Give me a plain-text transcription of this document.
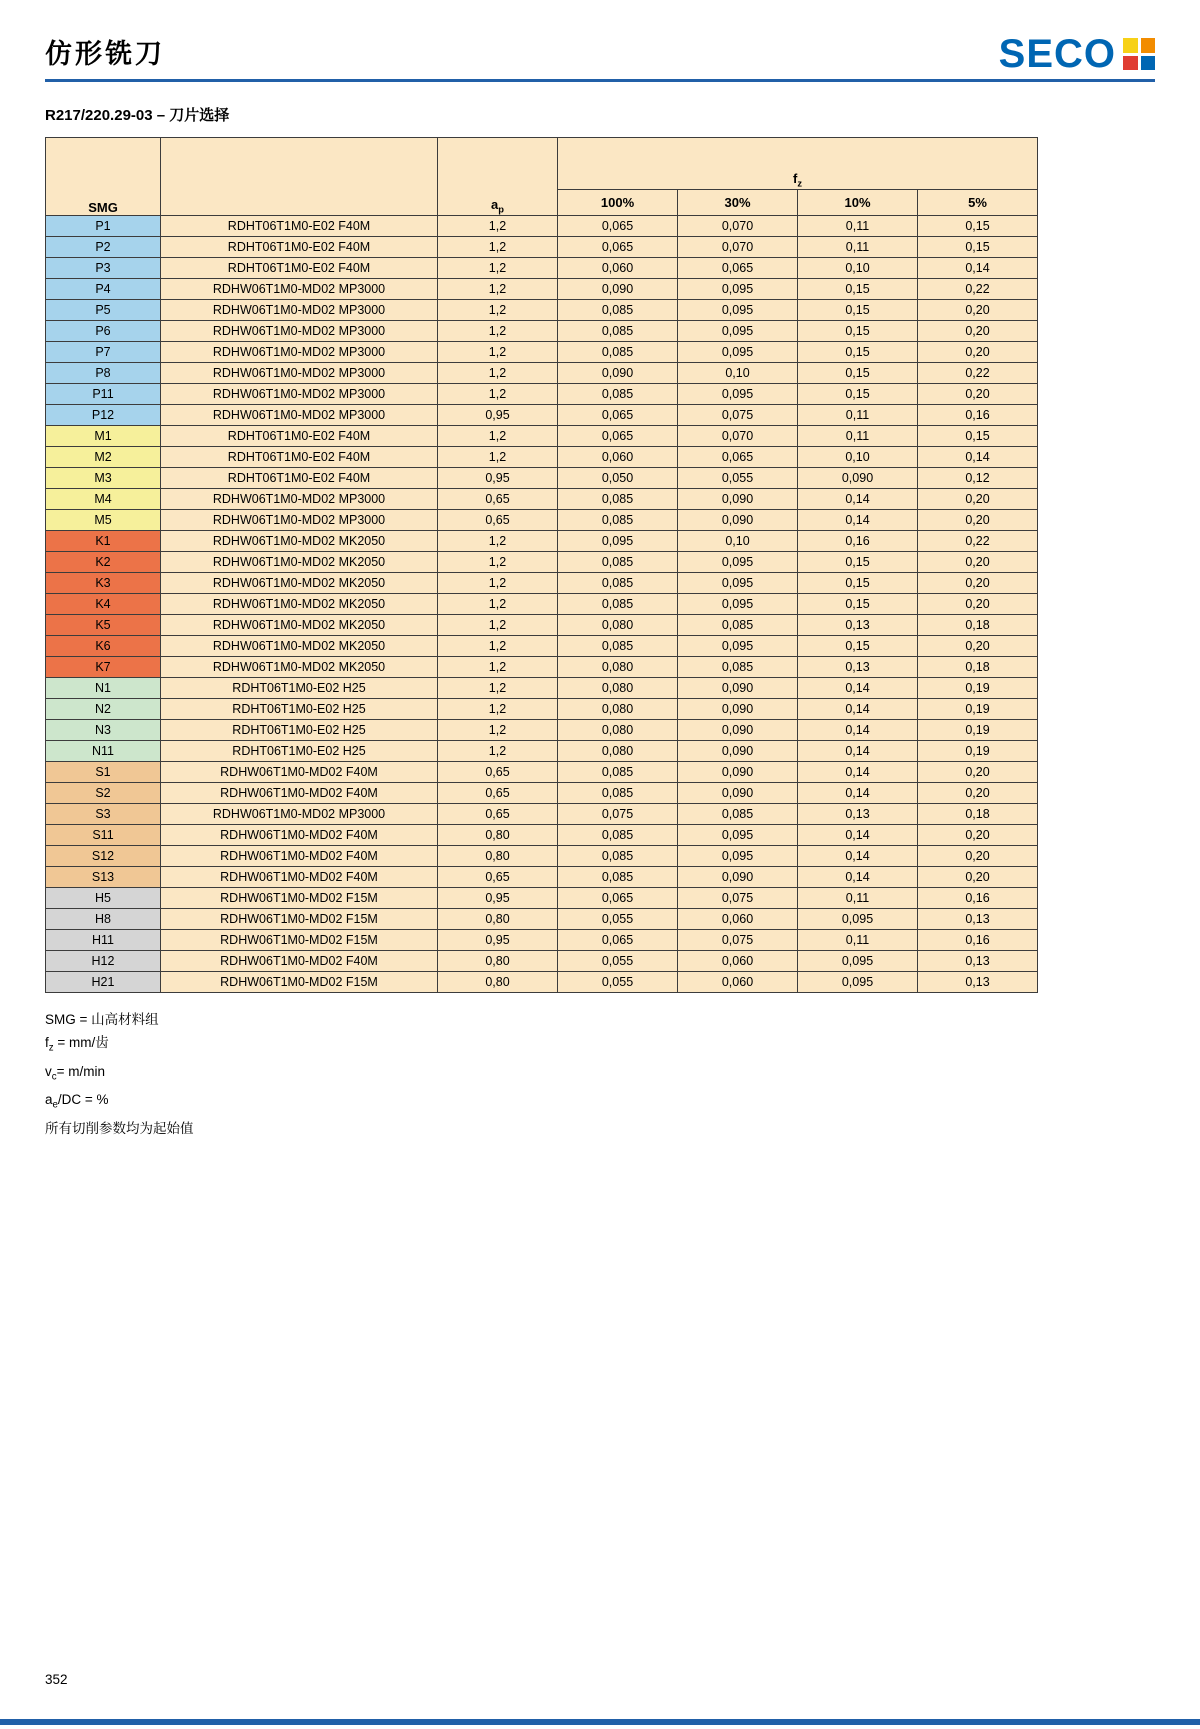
仿形铣刀	SECO
R217/220.29-03 – 刀片选择
SMG		$a_p$	$f_z$
			100%	30%	10%	5%
P1	RDHT06T1M0-E02 F40M	1,2	0,065	0,070	0,11	0,15
P2	RDHT06T1M0-E02 F40M	1,2	0,065	0,070	0,11	0,15
P3	RDHT06T1M0-E02 F40M	1,2	0,060	0,065	0,10	0,14
P4	RDHW06T1M0-MD02 MP3000	1,2	0,090	0,095	0,15	0,22
P5	RDHW06T1M0-MD02 MP3000	1,2	0,085	0,095	0,15	0,20
P6	RDHW06T1M0-MD02 MP3000	1,2	0,085	0,095	0,15	0,20
P7	RDHW06T1M0-MD02 MP3000	1,2	0,085	0,095	0,15	0,20
P8	RDHW06T1M0-MD02 MP3000	1,2	0,090	0,10	0,15	0,22
P11	RDHW06T1M0-MD02 MP3000	1,2	0,085	0,095	0,15	0,20
P12	RDHW06T1M0-MD02 MP3000	0,95	0,065	0,075	0,11	0,16
M1	RDHT06T1M0-E02 F40M	1,2	0,065	0,070	0,11	0,15
M2	RDHT06T1M0-E02 F40M	1,2	0,060	0,065	0,10	0,14
M3	RDHT06T1M0-E02 F40M	0,95	0,050	0,055	0,090	0,12
M4	RDHW06T1M0-MD02 MP3000	0,65	0,085	0,090	0,14	0,20
M5	RDHW06T1M0-MD02 MP3000	0,65	0,085	0,090	0,14	0,20
K1	RDHW06T1M0-MD02 MK2050	1,2	0,095	0,10	0,16	0,22
K2	RDHW06T1M0-MD02 MK2050	1,2	0,085	0,095	0,15	0,20
K3	RDHW06T1M0-MD02 MK2050	1,2	0,085	0,095	0,15	0,20
K4	RDHW06T1M0-MD02 MK2050	1,2	0,085	0,095	0,15	0,20
K5	RDHW06T1M0-MD02 MK2050	1,2	0,080	0,085	0,13	0,18
K6	RDHW06T1M0-MD02 MK2050	1,2	0,085	0,095	0,15	0,20
K7	RDHW06T1M0-MD02 MK2050	1,2	0,080	0,085	0,13	0,18
N1	RDHT06T1M0-E02 H25	1,2	0,080	0,090	0,14	0,19
N2	RDHT06T1M0-E02 H25	1,2	0,080	0,090	0,14	0,19
N3	RDHT06T1M0-E02 H25	1,2	0,080	0,090	0,14	0,19
N11	RDHT06T1M0-E02 H25	1,2	0,080	0,090	0,14	0,19
S1	RDHW06T1M0-MD02 F40M	0,65	0,085	0,090	0,14	0,20
S2	RDHW06T1M0-MD02 F40M	0,65	0,085	0,090	0,14	0,20
S3	RDHW06T1M0-MD02 MP3000	0,65	0,075	0,085	0,13	0,18
S11	RDHW06T1M0-MD02 F40M	0,80	0,085	0,095	0,14	0,20
S12	RDHW06T1M0-MD02 F40M	0,80	0,085	0,095	0,14	0,20
S13	RDHW06T1M0-MD02 F40M	0,65	0,085	0,090	0,14	0,20
H5	RDHW06T1M0-MD02 F15M	0,95	0,065	0,075	0,11	0,16
H8	RDHW06T1M0-MD02 F15M	0,80	0,055	0,060	0,095	0,13
H11	RDHW06T1M0-MD02 F15M	0,95	0,065	0,075	0,11	0,16
H12	RDHW06T1M0-MD02 F40M	0,80	0,055	0,060	0,095	0,13
H21	RDHW06T1M0-MD02 F15M	0,80	0,055	0,060	0,095	0,13
SMG = 山高材料组
$f_z = mm/$齿
$v_c= m/\min$
$a_e/DC$ = %
所有切削参数均为起始值
352
